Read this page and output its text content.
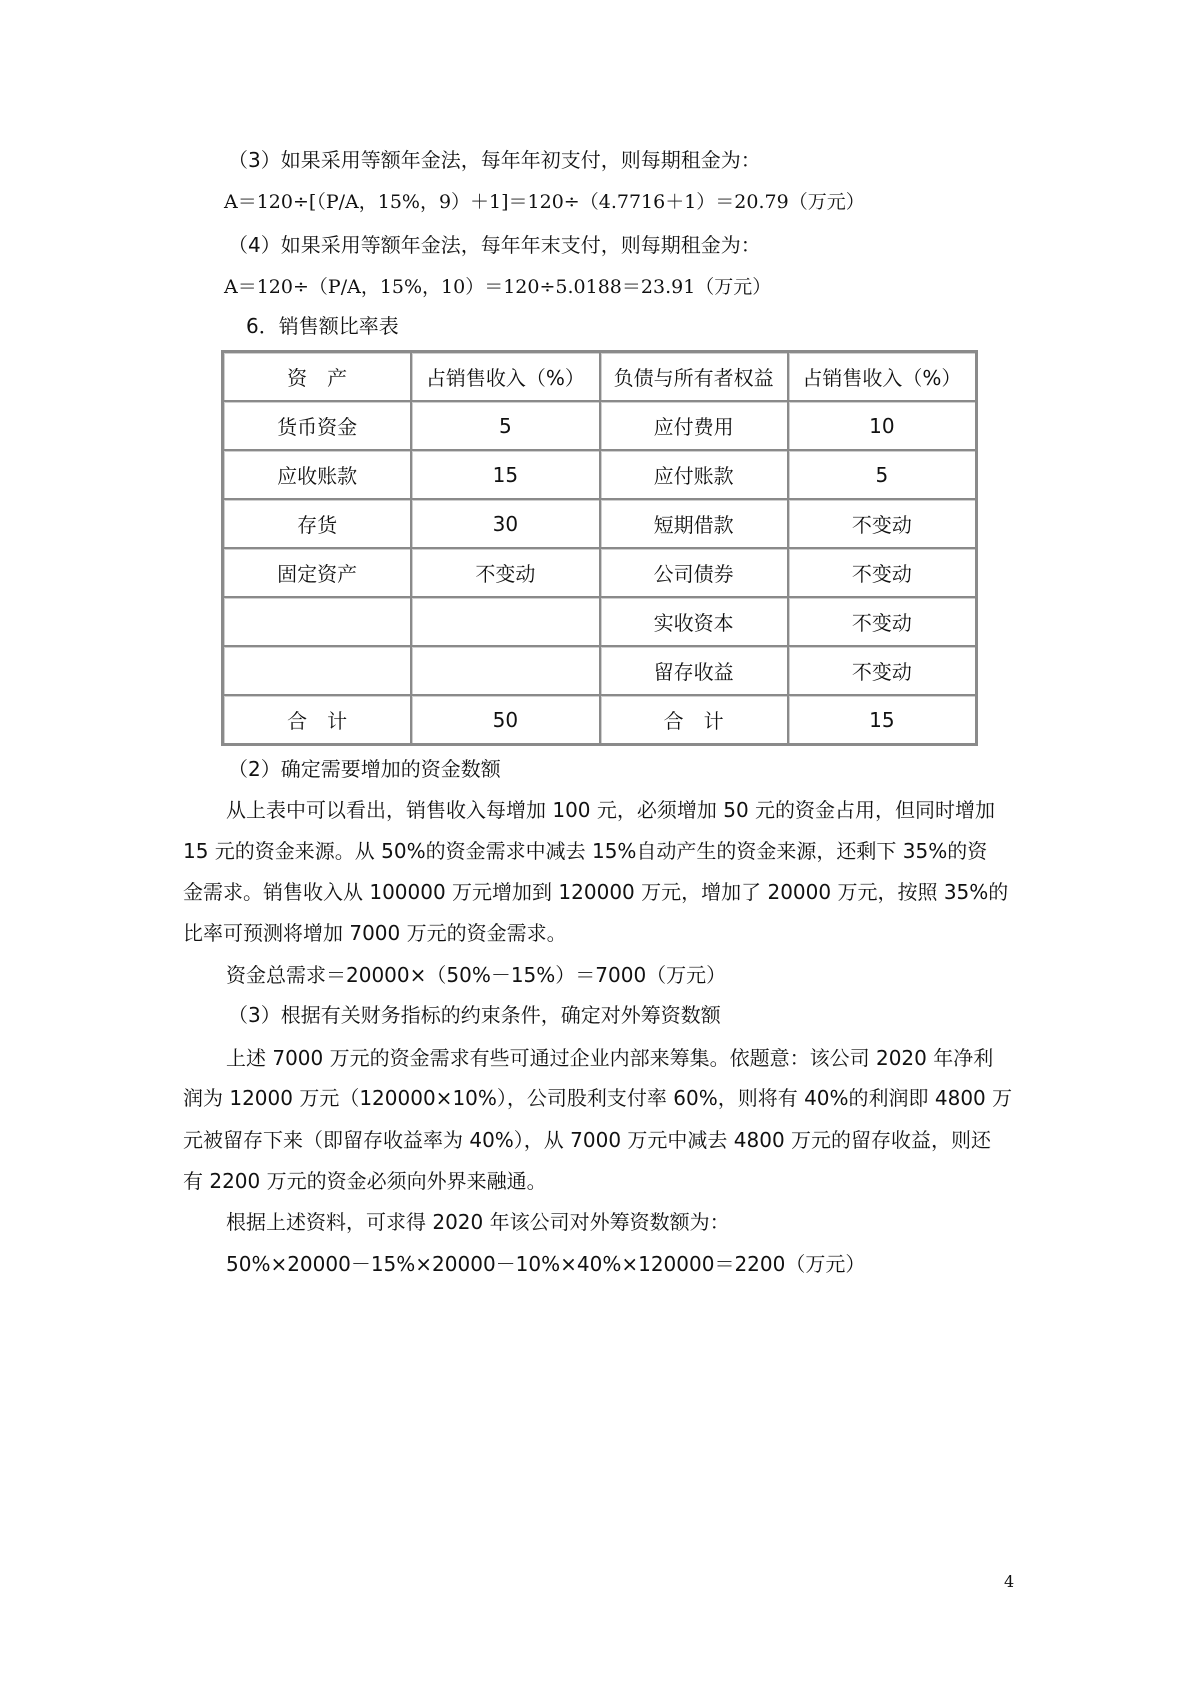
（3）如果采用等额年金法，每年年初支付，则每期租金为：
A＝120÷[（P/A，15%，9）＋1]＝120÷（4.7716＋1）＝20.79（万元）
（4）如果采用等额年金法，每年年末支付，则每期租金为：
A＝120÷（P/A，15%，10）＝120÷5.0188＝23.91（万元）
6．销售额比率表
资　产	占销售收入（%）	负债与所有者权益	占销售收入（%）
货币资金	5	应付费用	10
应收账款	15	应付账款	5
存货	30	短期借款	不变动
固定资产	不变动	公司债券	不变动
		实收资本	不变动
		留存收益	不变动
合　计	50	合　计	15
（2）确定需要增加的资金数额
从上表中可以看出，销售收入每增加 100 元，必须增加 50 元的资金占用，但同时增加
15 元的资金来源。从 50%的资金需求中减去 15%自动产生的资金来源，还剩下 35%的资
金需求。销售收入从 100000 万元增加到 120000 万元，增加了 20000 万元，按照 35%的
比率可预测将增加 7000 万元的资金需求。
资金总需求＝20000×（50%－15%）＝7000（万元）
（3）根据有关财务指标的约束条件，确定对外筹资数额
上述 7000 万元的资金需求有些可通过企业内部来筹集。依题意：该公司 2020 年净利
润为 12000 万元（120000×10%），公司股利支付率 60%，则将有 40%的利润即 4800 万
元被留存下来（即留存收益率为 40%），从 7000 万元中减去 4800 万元的留存收益，则还
有 2200 万元的资金必须向外界来融通。
根据上述资料，可求得 2020 年该公司对外筹资数额为：
50%×20000－15%×20000－10%×40%×120000＝2200（万元）
4
